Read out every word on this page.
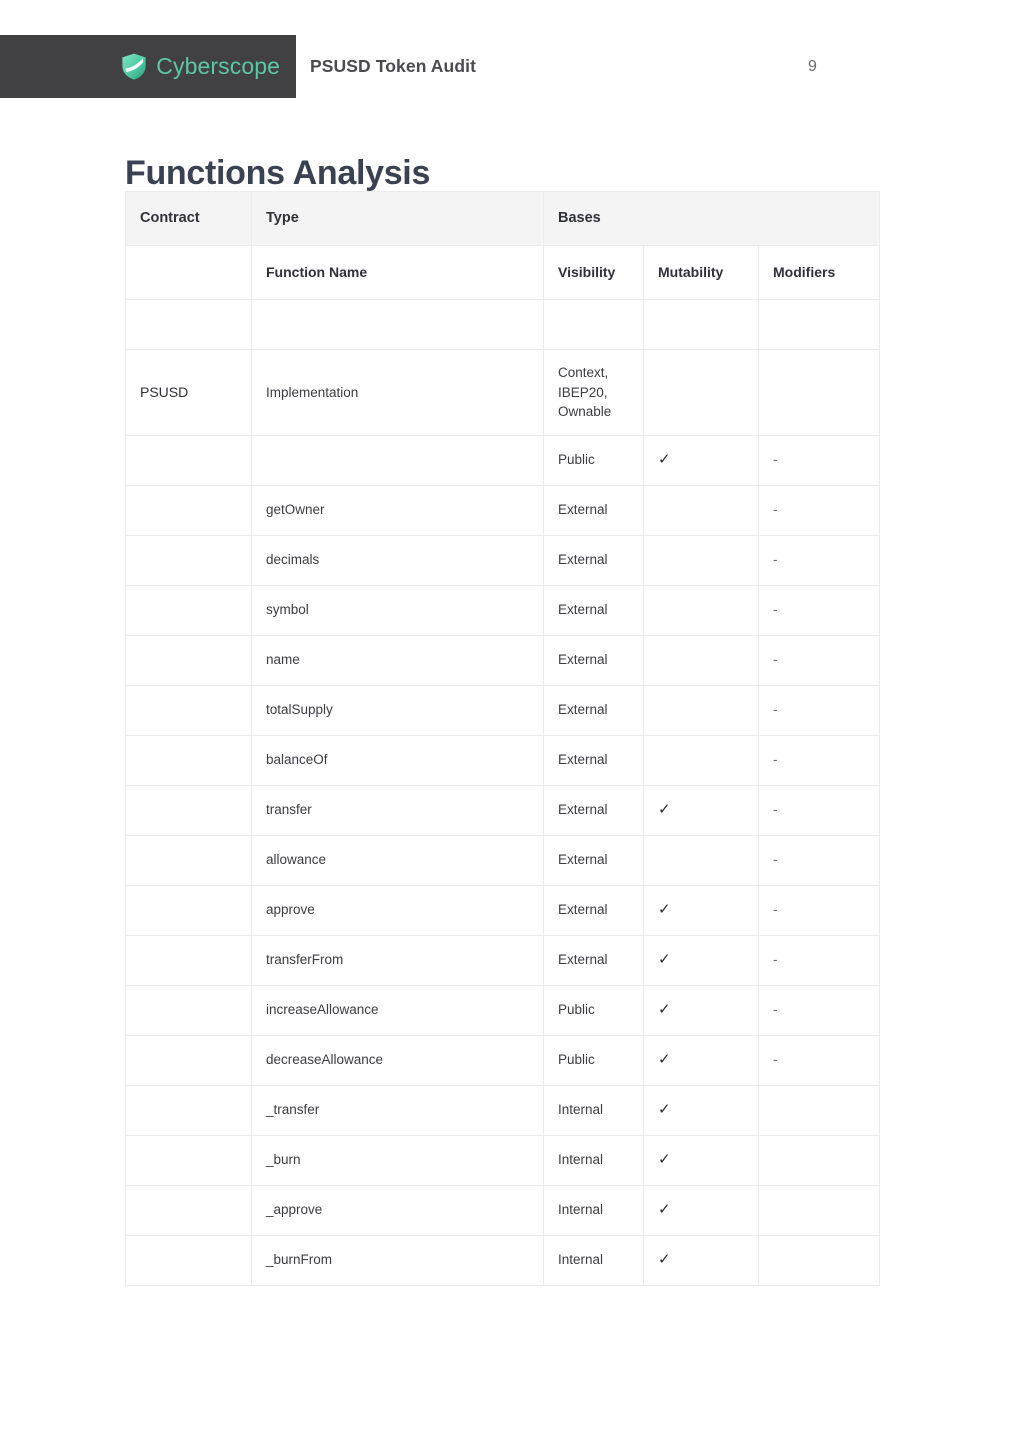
Cyberscope PSUSD Token Audit	9
Functions Analysis
Contract	Type	Bases		
	Function Name	Visibility	Mutability	Modifiers

PSUSD	Implementation	Context,
IBEP20,
Ownable		
		Public	✓	-
	getOwner	External		-
	decimals	External		-
	symbol	External		-
	name	External		-
	totalSupply	External		-
	balanceOf	External		-
	transfer	External	✓	-
	allowance	External		-
	approve	External	✓	-
	transferFrom	External	✓	-
	increaseAllowance	Public	✓	-
	decreaseAllowance	Public	✓	-
	_transfer	Internal	✓	
	_burn	Internal	✓	
	_approve	Internal	✓	
	_burnFrom	Internal	✓	
